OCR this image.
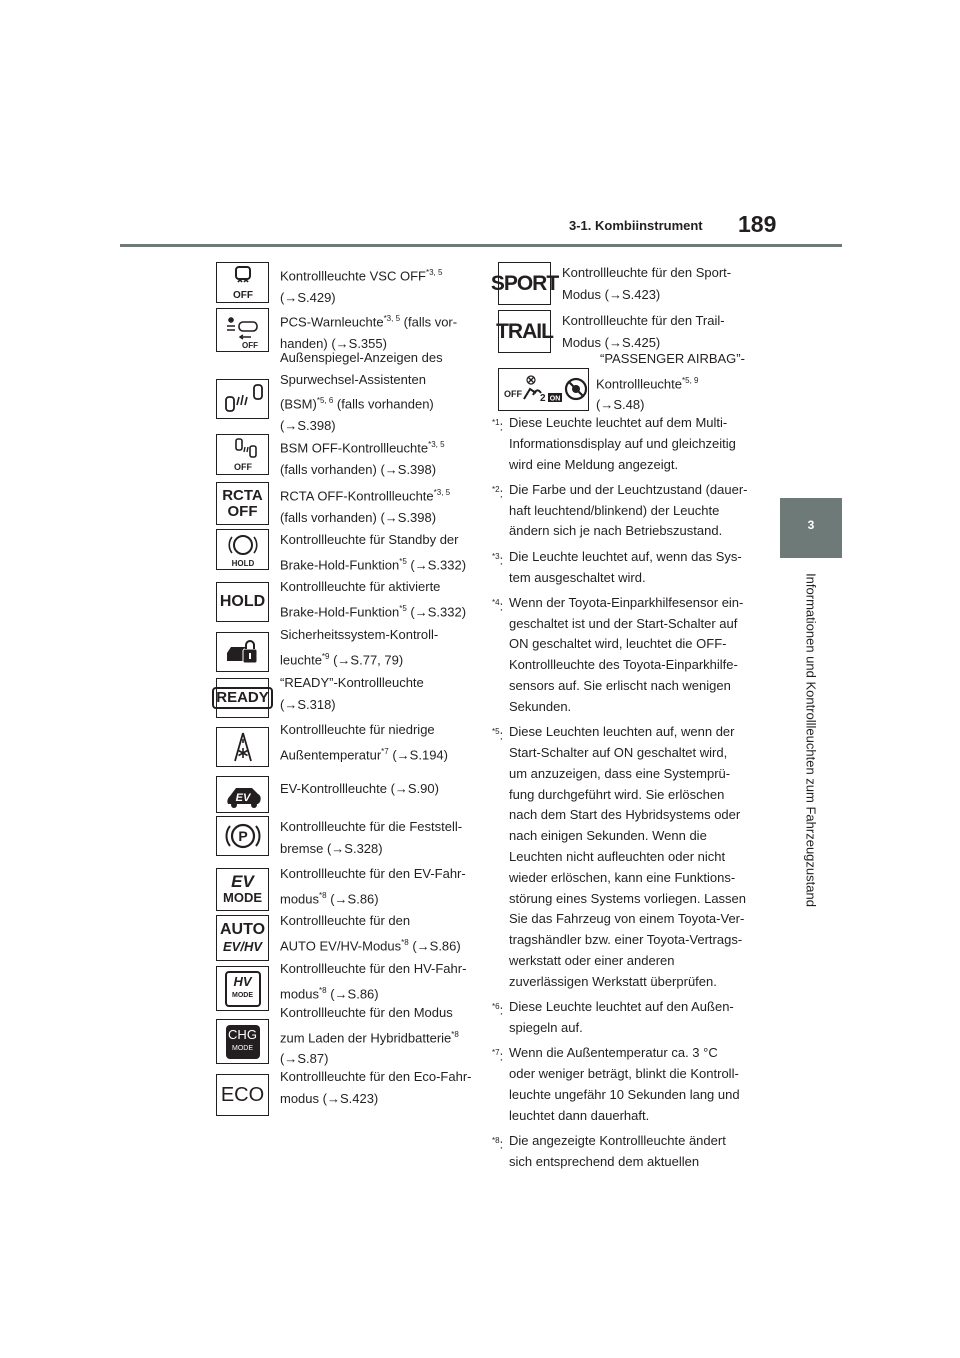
3-1. Kombiinstrument 189
3
Informationen und Kontrollleuchten zum Fahrzeugzustand
OFF
Kontrollleuchte VSC OFF$^{*3, 5}$
(→S.429)
OFF
PCS-Warnleuchte$^{*3, 5}$ (falls vor-
handen) (→S.355)
Außenspiegel-Anzeigen des
Spurwechsel-Assistenten
(BSM)$^{*5, 6}$ (falls vorhanden)
(→S.398)
OFF
BSM OFF-Kontrollleuchte$^{*3, 5}$
(falls vorhanden) (→S.398)
RCTA
OFF
RCTA OFF-Kontrollleuchte$^{*3, 5}$
(falls vorhanden) (→S.398)
HOLD
Kontrollleuchte für Standby der
Brake-Hold-Funktion$^{*5}$ (→S.332)
HOLD
Kontrollleuchte für aktivierte
Brake-Hold-Funktion$^{*5}$ (→S.332)
Sicherheitssystem-Kontroll-
leuchte$^{*9}$ (→S.77, 79)
READY
“READY”-Kontrollleuchte
(→S.318)
Kontrollleuchte für niedrige
Außentemperatur$^{*7}$ (→S.194)
EV
EV-Kontrollleuchte (→S.90)
P
Kontrollleuchte für die Feststell-
bremse (→S.328)
EV
MODE
Kontrollleuchte für den EV-Fahr-
modus$^{*8}$ (→S.86)
AUTO
EV/HV
Kontrollleuchte für den
AUTO EV/HV-Modus$^{*8}$ (→S.86)
HV
MODE
Kontrollleuchte für den HV-Fahr-
modus$^{*8}$ (→S.86)
CHG
MODE
Kontrollleuchte für den Modus
zum Laden der Hybridbatterie$^{*8}$
(→S.87)
ECO
Kontrollleuchte für den Eco-Fahr-
modus (→S.423)
SPORT Kontrollleuchte für den Sport-
Modus (→S.423)
TRAIL Kontrollleuchte für den Trail-
Modus (→S.425)
OFF 2 ON
“PASSENGER AIRBAG”-
Kontrollleuchte$^{*5, 9}$
(→S.48)
$^{*1}$: Diese Leuchte leuchtet auf dem Multi-
Informationsdisplay auf und gleichzeitig
wird eine Meldung angezeigt.
$^{*2}$: Die Farbe und der Leuchtzustand (dauer-
haft leuchtend/blinkend) der Leuchte
ändern sich je nach Betriebszustand.
$^{*3}$: Die Leuchte leuchtet auf, wenn das Sys-
tem ausgeschaltet wird.
$^{*4}$: Wenn der Toyota-Einparkhilfesensor ein-
geschaltet ist und der Start-Schalter auf
ON geschaltet wird, leuchtet die OFF-
Kontrollleuchte des Toyota-Einparkhilfe-
sensors auf. Sie erlischt nach wenigen
Sekunden.
$^{*5}$: Diese Leuchten leuchten auf, wenn der
Start-Schalter auf ON geschaltet wird,
um anzuzeigen, dass eine Systemprü-
fung durchgeführt wird. Sie erlöschen
nach dem Start des Hybridsystems oder
nach einigen Sekunden. Wenn die
Leuchten nicht aufleuchten oder nicht
wieder erlöschen, kann eine Funktions-
störung eines Systems vorliegen. Lassen
Sie das Fahrzeug von einem Toyota-Ver-
tragshändler bzw. einer Toyota-Vertrags-
werkstatt oder einer anderen
zuverlässigen Werkstatt überprüfen.
$^{*6}$: Diese Leuchte leuchtet auf den Außen-
spiegeln auf.
$^{*7}$: Wenn die Außentemperatur ca. 3 °C
oder weniger beträgt, blinkt die Kontroll-
leuchte ungefähr 10 Sekunden lang und
leuchtet dann dauerhaft.
$^{*8}$: Die angezeigte Kontrollleuchte ändert
sich entsprechend dem aktuellen
